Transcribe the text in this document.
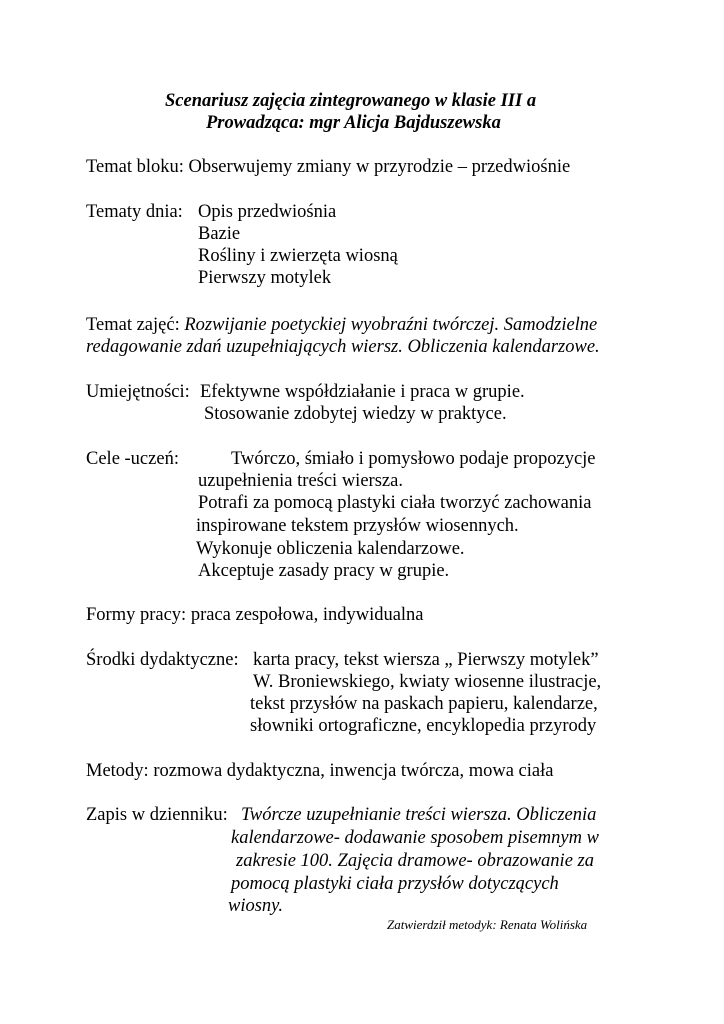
Scenariusz zajęcia zintegrowanego w klasie III a
Prowadząca: mgr Alicja Bajduszewska
Temat bloku: Obserwujemy zmiany w przyrodzie – przedwiośnie
Tematy dnia: Opis przedwiośnia
Bazie
Rośliny i zwierzęta wiosną
Pierwszy motylek
Temat zajęć: Rozwijanie poetyckiej wyobraźni twórczej. Samodzielne
redagowanie zdań uzupełniających wiersz. Obliczenia kalendarzowe.
Umiejętności: Efektywne współdziałanie i praca w grupie.
Stosowanie zdobytej wiedzy w praktyce.
Cele -uczeń:	Twórczo, śmiało i pomysłowo podaje propozycje
uzupełnienia treści wiersza.
Potrafi za pomocą plastyki ciała tworzyć zachowania
inspirowane tekstem przysłów wiosennych.
Wykonuje obliczenia kalendarzowe.
Akceptuje zasady pracy w grupie.
Formy pracy: praca zespołowa, indywidualna
Środki dydaktyczne: karta pracy, tekst wiersza „ Pierwszy motylek”
W. Broniewskiego, kwiaty wiosenne ilustracje,
tekst przysłów na paskach papieru, kalendarze,
słowniki ortograficzne, encyklopedia przyrody
Metody: rozmowa dydaktyczna, inwencja twórcza, mowa ciała
Zapis w dzienniku: Twórcze uzupełnianie treści wiersza. Obliczenia
kalendarzowe- dodawanie sposobem pisemnym w
zakresie 100. Zajęcia dramowe- obrazowanie za
pomocą plastyki ciała przysłów dotyczących
wiosny.
Zatwierdził metodyk: Renata Wolińska
